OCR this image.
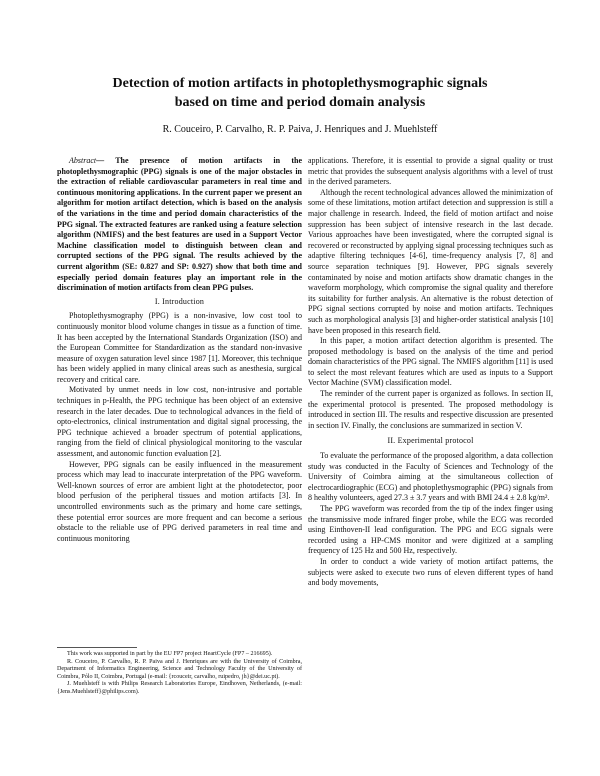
Detection of motion artifacts in photoplethysmographic signals
based on time and period domain analysis
R. Couceiro, P. Carvalho, R. P. Paiva, J. Henriques and J. Muehlsteff

Abstract— The presence of motion artifacts in the photoplethysmographic (PPG) signals is one of the major obstacles in the extraction of reliable cardiovascular parameters in real time and continuous monitoring applications. In the current paper we present an algorithm for motion artifact detection, which is based on the analysis of the variations in the time and period domain characteristics of the PPG signal. The extracted features are ranked using a feature selection algorithm (NMIFS) and the best features are used in a Support Vector Machine classification model to distinguish between clean and corrupted sections of the PPG signal. The results achieved by the current algorithm (SE: 0.827 and SP: 0.927) show that both time and especially period domain features play an important role in the discrimination of motion artifacts from clean PPG pulses.

I. Introduction

Photoplethysmography (PPG) is a non-invasive, low cost tool to continuously monitor blood volume changes in tissue as a function of time. It has been accepted by the International Standards Organization (ISO) and the European Committee for Standardization as the standard non-invasive measure of oxygen saturation level since 1987 [1]. Moreover, this technique has been widely applied in many clinical areas such as anesthesia, surgical recovery and critical care.

Motivated by unmet needs in low cost, non-intrusive and portable techniques in p-Health, the PPG technique has been object of an extensive research in the later decades. Due to technological advances in the field of opto-electronics, clinical instrumentation and digital signal processing, the PPG technique achieved a broader spectrum of potential applications, ranging from the field of clinical physiological monitoring to the vascular assessment, and autonomic function evaluation [2].

However, PPG signals can be easily influenced in the measurement process which may lead to inaccurate interpretation of the PPG waveform. Well-known sources of error are ambient light at the photodetector, poor blood perfusion of the peripheral tissues and motion artifacts [3]. In uncontrolled environments such as the primary and home care settings, these potential error sources are more frequent and can become a serious obstacle to the reliable use of PPG derived parameters in real time and continuous monitoring

This work was supported in part by the EU FP7 project HeartCycle (FP7 – 216695).

R. Couceiro, P. Carvalho, R. P. Paiva and J. Henriques are with the University of Coimbra, Department of Informatics Engineering, Science and Technology Faculty of the University of Coimbra, Pólo II, Coimbra, Portugal (e-mail: {rcouceir, carvalho, ruipedro, jh}@dei.uc.pt).

J. Muehlsteff is with Philips Research Laboratories Europe, Eindhoven, Netherlands, (e-mail: {Jens.Muehlsteff}@philips.com).

applications. Therefore, it is essential to provide a signal quality or trust metric that provides the subsequent analysis algorithms with a level of trust in the derived parameters.

Although the recent technological advances allowed the minimization of some of these limitations, motion artifact detection and suppression is still a major challenge in research. Indeed, the field of motion artifact and noise suppression has been subject of intensive research in the last decade. Various approaches have been investigated, where the corrupted signal is recovered or reconstructed by applying signal processing techniques such as adaptive filtering techniques [4-6], time-frequency analysis [7, 8] and source separation techniques [9]. However, PPG signals severely contaminated by noise and motion artifacts show dramatic changes in the waveform morphology, which compromise the signal quality and therefore its suitability for further analysis. An alternative is the robust detection of PPG signal sections corrupted by noise and motion artifacts. Techniques such as morphological analysis [3] and higher-order statistical analysis [10] have been proposed in this research field.

In this paper, a motion artifact detection algorithm is presented. The proposed methodology is based on the analysis of the time and period domain characteristics of the PPG signal. The NMIFS algorithm [11] is used to select the most relevant features which are used as inputs to a Support Vector Machine (SVM) classification model.

The reminder of the current paper is organized as follows. In section II, the experimental protocol is presented. The proposed methodology is introduced in section III. The results and respective discussion are presented in section IV. Finally, the conclusions are summarized in section V.

II. Experimental protocol

To evaluate the performance of the proposed algorithm, a data collection study was conducted in the Faculty of Sciences and Technology of the University of Coimbra aiming at the simultaneous collection of electrocardiographic (ECG) and photoplethysmographic (PPG) signals from 8 healthy volunteers, aged 27.3 ± 3.7 years and with BMI 24.4 ± 2.8 kg/m².

The PPG waveform was recorded from the tip of the index finger using the transmissive mode infrared finger probe, while the ECG was recorded using Einthoven-II lead configuration. The PPG and ECG signals were recorded using a HP-CMS monitor and were digitized at a sampling frequency of 125 Hz and 500 Hz, respectively.

In order to conduct a wide variety of motion artifact patterns, the subjects were asked to execute two runs of eleven different types of hand and body movements,
